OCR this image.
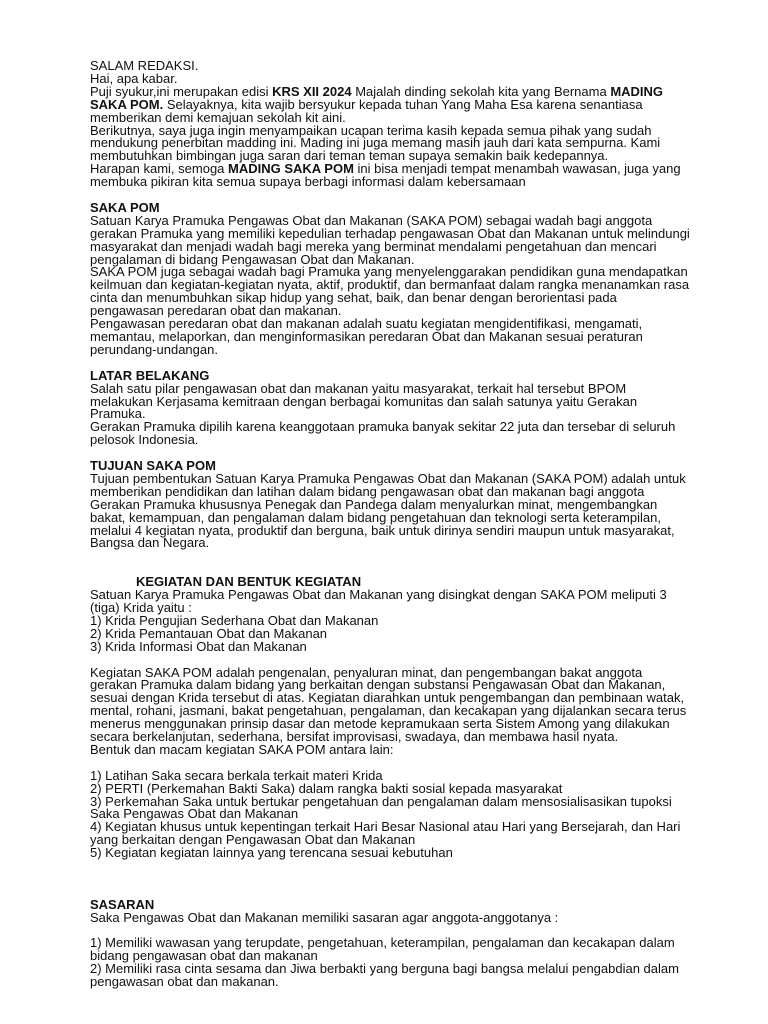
SALAM REDAKSI.

Hai, apa kabar.

Puji syukur,ini merupakan edisi KRS XII 2024 Majalah dinding sekolah kita yang Bernama MADING SAKA POM. Selayaknya, kita wajib bersyukur kepada tuhan Yang Maha Esa karena senantiasa memberikan demi kemajuan sekolah kit aini.

Berikutnya, saya juga ingin menyampaikan ucapan terima kasih kepada semua pihak yang sudah mendukung penerbitan madding ini. Mading ini juga memang masih jauh dari kata sempurna. Kami membutuhkan bimbingan juga saran dari teman teman supaya semakin baik kedepannya.

Harapan kami, semoga MADING SAKA POM ini bisa menjadi tempat menambah wawasan, juga yang membuka pikiran kita semua supaya berbagi informasi dalam kebersamaan

SAKA POM

Satuan Karya Pramuka Pengawas Obat dan Makanan (SAKA POM) sebagai wadah bagi anggota gerakan Pramuka yang memiliki kepedulian terhadap pengawasan Obat dan Makanan untuk melindungi masyarakat dan menjadi wadah bagi mereka yang berminat mendalami pengetahuan dan mencari pengalaman di bidang Pengawasan Obat dan Makanan.

SAKA POM juga sebagai wadah bagi Pramuka yang menyelenggarakan pendidikan guna mendapatkan keilmuan dan kegiatan-kegiatan nyata, aktif, produktif, dan bermanfaat dalam rangka menanamkan rasa cinta dan menumbuhkan sikap hidup yang sehat, baik, dan benar dengan berorientasi pada pengawasan peredaran obat dan makanan.

Pengawasan peredaran obat dan makanan adalah suatu kegiatan mengidentifikasi, mengamati, memantau, melaporkan, dan menginformasikan peredaran Obat dan Makanan sesuai peraturan perundang-undangan.

LATAR BELAKANG

Salah satu pilar pengawasan obat dan makanan yaitu masyarakat, terkait hal tersebut BPOM melakukan Kerjasama kemitraan dengan berbagai komunitas dan salah satunya yaitu Gerakan Pramuka.

Gerakan Pramuka dipilih karena keanggotaan pramuka banyak sekitar 22 juta dan tersebar di seluruh pelosok Indonesia.

TUJUAN SAKA POM

Tujuan pembentukan Satuan Karya Pramuka Pengawas Obat dan Makanan (SAKA POM) adalah untuk memberikan pendidikan dan latihan dalam bidang pengawasan obat dan makanan bagi anggota Gerakan Pramuka khususnya Penegak dan Pandega dalam menyalurkan minat, mengembangkan bakat, kemampuan, dan pengalaman dalam bidang pengetahuan dan teknologi serta keterampilan, melalui 4 kegiatan nyata, produktif dan berguna, baik untuk dirinya sendiri maupun untuk masyarakat, Bangsa dan Negara.

KEGIATAN DAN BENTUK KEGIATAN

Satuan Karya Pramuka Pengawas Obat dan Makanan yang disingkat dengan SAKA POM meliputi 3 (tiga) Krida yaitu :

1) Krida Pengujian Sederhana Obat dan Makanan
2) Krida Pemantauan Obat dan Makanan
3) Krida Informasi Obat dan Makanan

Kegiatan SAKA POM adalah pengenalan, penyaluran minat, dan pengembangan bakat anggota gerakan Pramuka dalam bidang yang berkaitan dengan substansi Pengawasan Obat dan Makanan, sesuai dengan Krida tersebut di atas. Kegiatan diarahkan untuk pengembangan dan pembinaan watak, mental, rohani, jasmani, bakat pengetahuan, pengalaman, dan kecakapan yang dijalankan secara terus menerus menggunakan prinsip dasar dan metode kepramukaan serta Sistem Among yang dilakukan secara berkelanjutan, sederhana, bersifat improvisasi, swadaya, dan membawa hasil nyata.

Bentuk dan macam kegiatan SAKA POM antara lain:

1) Latihan Saka secara berkala terkait materi Krida
2) PERTI (Perkemahan Bakti Saka) dalam rangka bakti sosial kepada masyarakat
3) Perkemahan Saka untuk bertukar pengetahuan dan pengalaman dalam mensosialisasikan tupoksi Saka Pengawas Obat dan Makanan
4) Kegiatan khusus untuk kepentingan terkait Hari Besar Nasional atau Hari yang Bersejarah, dan Hari yang berkaitan dengan Pengawasan Obat dan Makanan
5) Kegiatan kegiatan lainnya yang terencana sesuai kebutuhan

SASARAN

Saka Pengawas Obat dan Makanan memiliki sasaran agar anggota-anggotanya :

1) Memiliki wawasan yang terupdate, pengetahuan, keterampilan, pengalaman dan kecakapan dalam bidang pengawasan obat dan makanan
2) Memiliki rasa cinta sesama dan Jiwa berbakti yang berguna bagi bangsa melalui pengabdian dalam pengawasan obat dan makanan.
